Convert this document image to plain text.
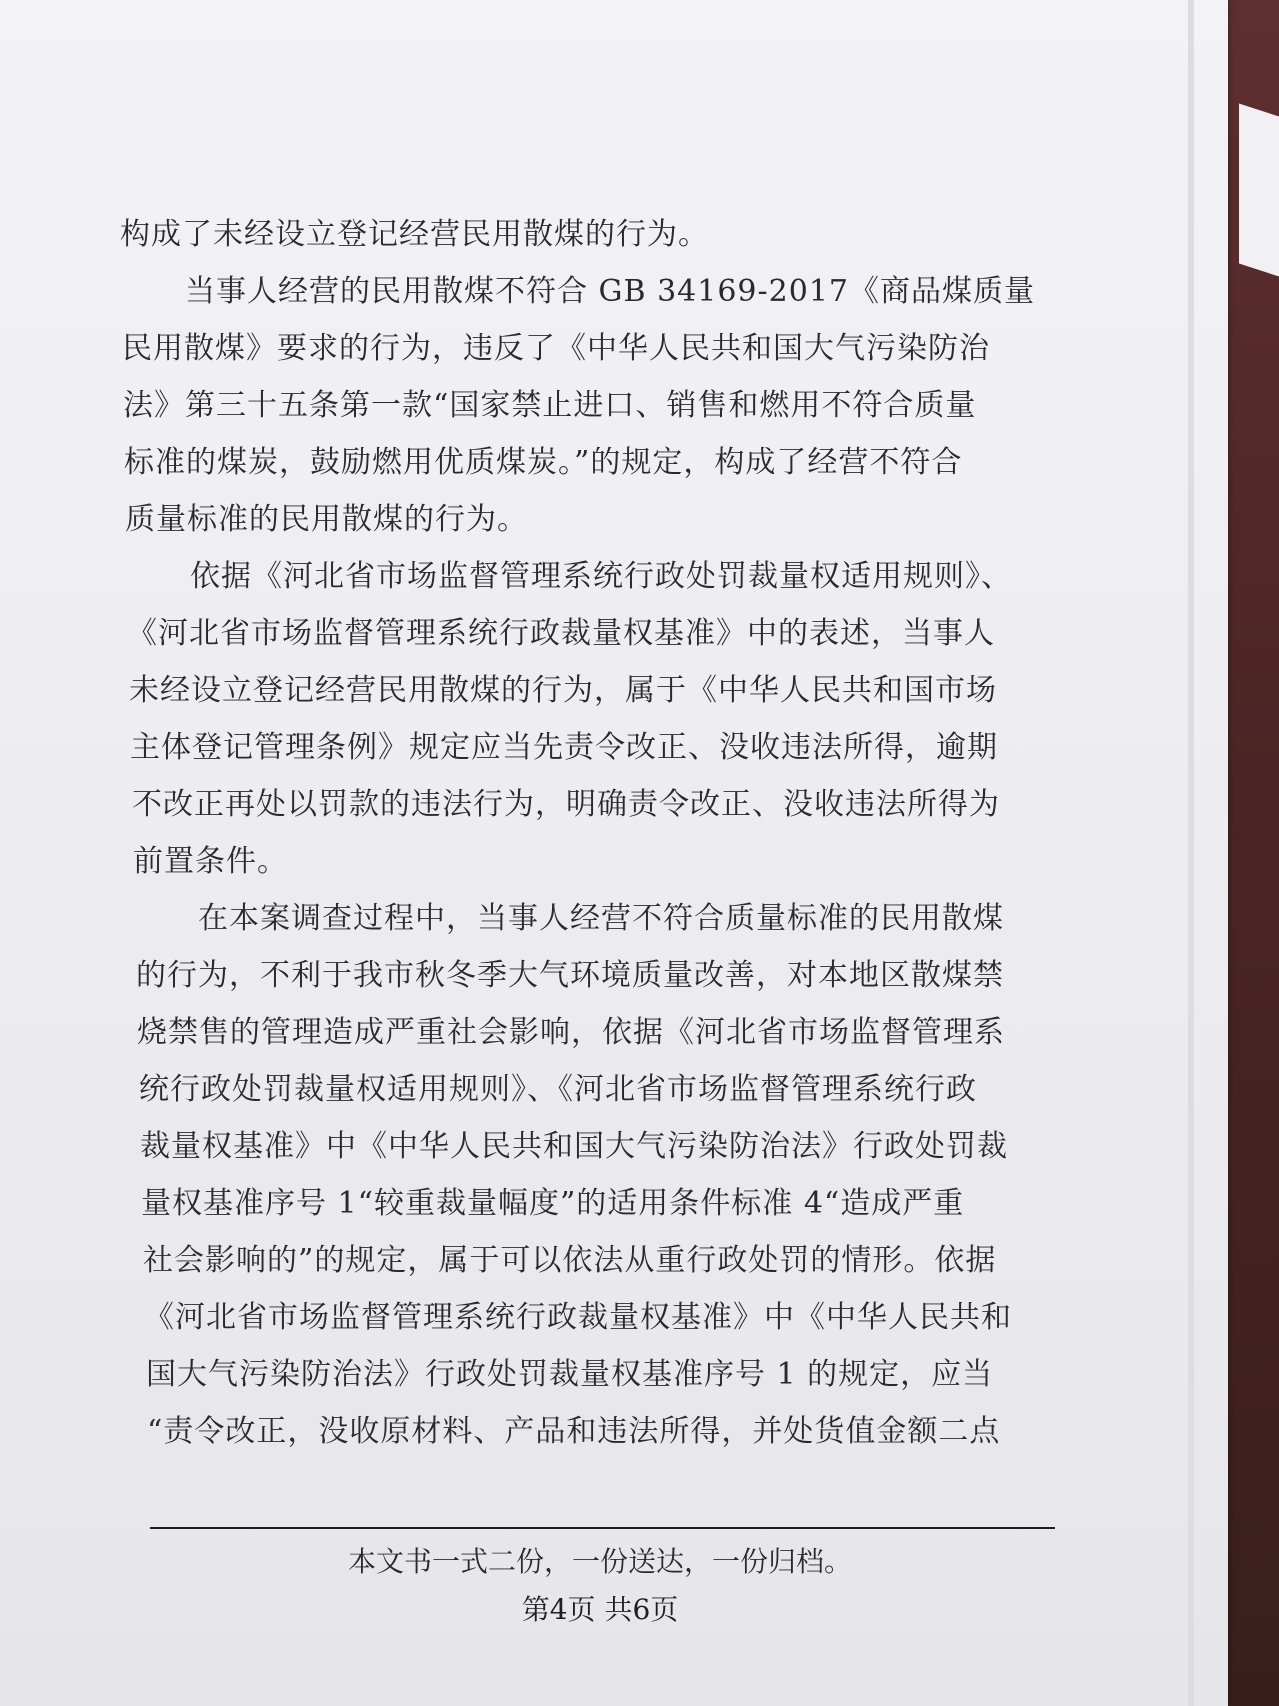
构成了未经设立登记经营民用散煤的行为。
当事人经营的民用散煤不符合 GB 34169-2017《商品煤质量
民用散煤》要求的行为，违反了《中华人民共和国大气污染防治
法》第三十五条第一款“国家禁止进口、销售和燃用不符合质量
标准的煤炭，鼓励燃用优质煤炭。”的规定，构成了经营不符合
质量标准的民用散煤的行为。
依据《河北省市场监督管理系统行政处罚裁量权适用规则》、
《河北省市场监督管理系统行政裁量权基准》中的表述，当事人
未经设立登记经营民用散煤的行为，属于《中华人民共和国市场
主体登记管理条例》规定应当先责令改正、没收违法所得，逾期
不改正再处以罚款的违法行为，明确责令改正、没收违法所得为
前置条件。
在本案调查过程中，当事人经营不符合质量标准的民用散煤
的行为，不利于我市秋冬季大气环境质量改善，对本地区散煤禁
烧禁售的管理造成严重社会影响，依据《河北省市场监督管理系
统行政处罚裁量权适用规则》、《河北省市场监督管理系统行政
裁量权基准》中《中华人民共和国大气污染防治法》行政处罚裁
量权基准序号 1“较重裁量幅度”的适用条件标准 4“造成严重
社会影响的”的规定，属于可以依法从重行政处罚的情形。依据
《河北省市场监督管理系统行政裁量权基准》中《中华人民共和
国大气污染防治法》行政处罚裁量权基准序号 1 的规定，应当
“责令改正，没收原材料、产品和违法所得，并处货值金额二点
本文书一式二份，一份送达，一份归档。
第4页 共6页
